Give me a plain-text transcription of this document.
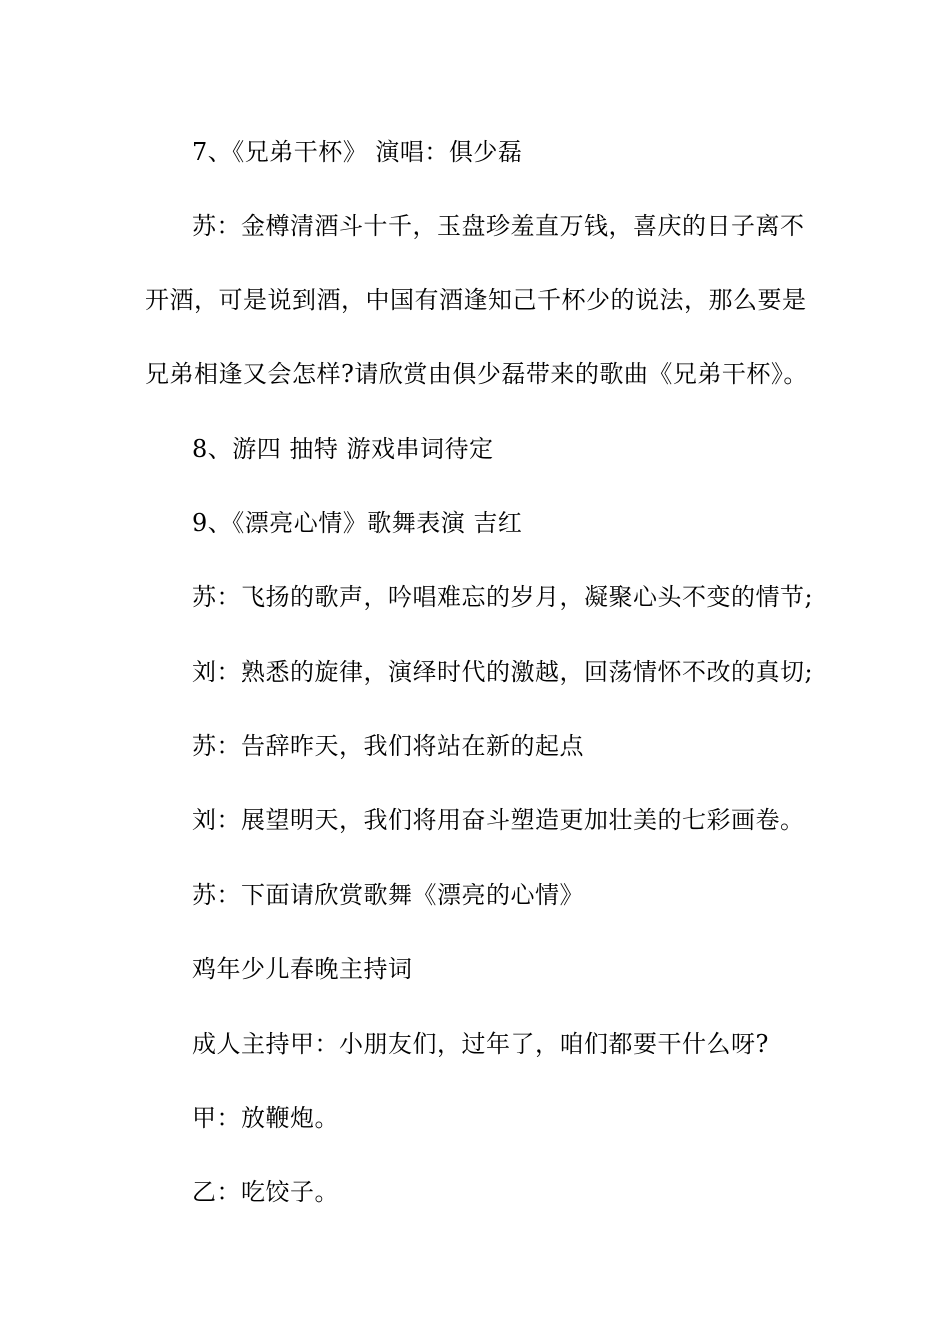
7、《兄弟干杯》 演唱：俱少磊
苏：金樽清酒斗十千，玉盘珍羞直万钱，喜庆的日子离不
开酒，可是说到酒，中国有酒逢知己千杯少的说法，那么要是
兄弟相逢又会怎样?请欣赏由俱少磊带来的歌曲《兄弟干杯》。
8、游四 抽特 游戏串词待定
9、《漂亮心情》歌舞表演 吉红
苏：飞扬的歌声，吟唱难忘的岁月，凝聚心头不变的情节;
刘：熟悉的旋律，演绎时代的激越，回荡情怀不改的真切;
苏：告辞昨天，我们将站在新的起点
刘：展望明天，我们将用奋斗塑造更加壮美的七彩画卷。
苏：下面请欣赏歌舞《漂亮的心情》
鸡年少儿春晚主持词
成人主持甲：小朋友们，过年了，咱们都要干什么呀?
甲：放鞭炮。
乙：吃饺子。
